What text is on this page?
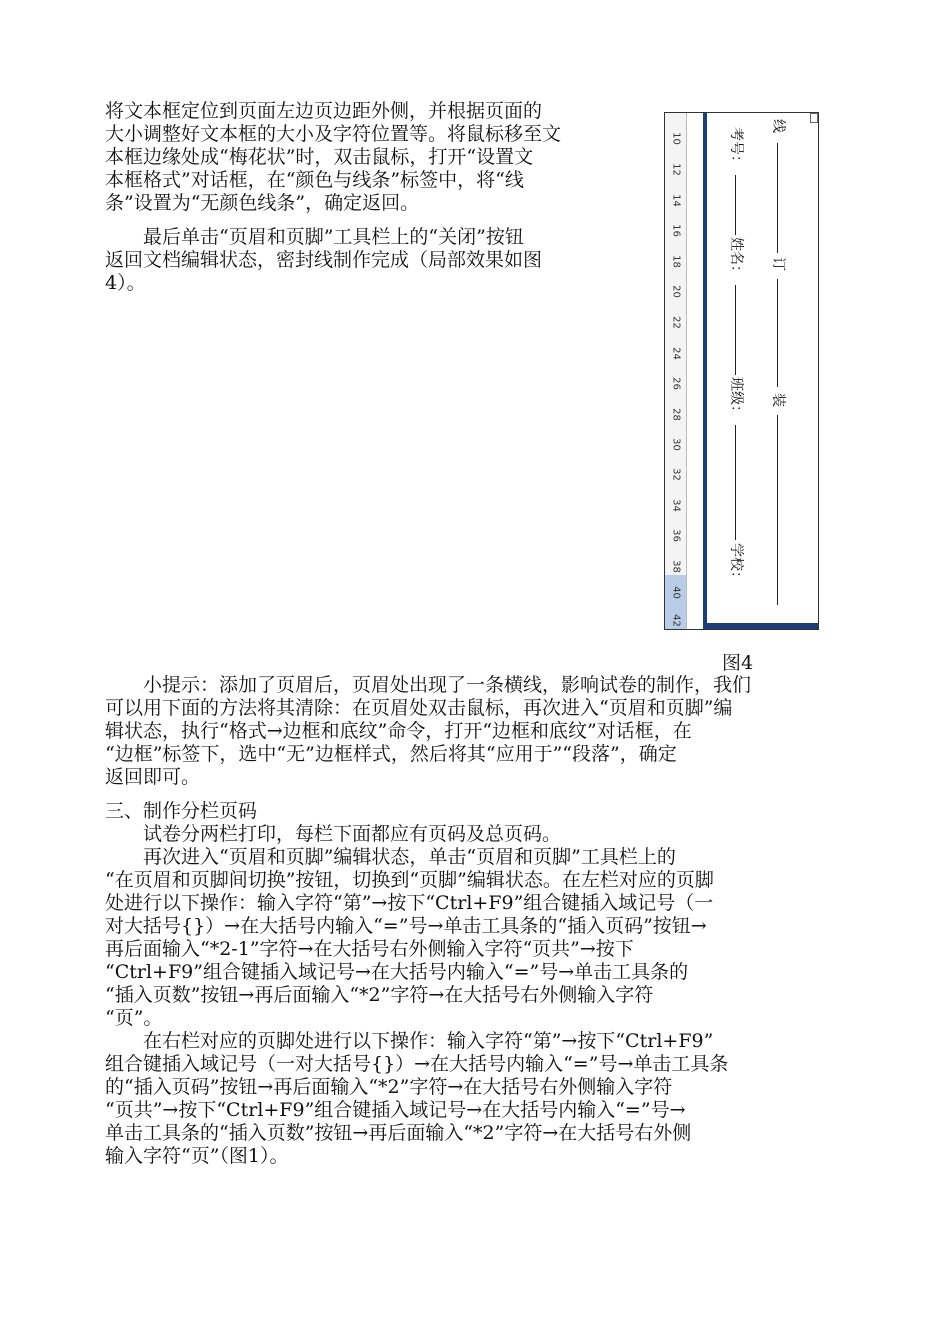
将文本框定位到页面左边页边距外侧，并根据页面的
大小调整好文本框的大小及字符位置等。将鼠标移至文
本框边缘处成“梅花状”时，双击鼠标，打开“设置文
本框格式”对话框，在“颜色与线条”标签中，将“线
条”设置为“无颜色线条”，确定返回。
最后单击“页眉和页脚”工具栏上的“关闭”按钮
返回文档编辑状态，密封线制作完成（局部效果如图
4）。
10
12
14
16
18
20
22
24
26
28
30
32
34
36
38
40
42
考号：
姓名：
班级：
学校：
线
订
装
图4
小提示：添加了页眉后，页眉处出现了一条横线，影响试卷的制作，我们
可以用下面的方法将其清除：在页眉处双击鼠标，再次进入“页眉和页脚”编
辑状态，执行“格式→边框和底纹”命令，打开“边框和底纹”对话框，在
“边框”标签下，选中“无”边框样式，然后将其“应用于”“段落”，确定
返回即可。
三、制作分栏页码
试卷分两栏打印，每栏下面都应有页码及总页码。
再次进入“页眉和页脚”编辑状态，单击“页眉和页脚”工具栏上的
“在页眉和页脚间切换”按钮，切换到“页脚”编辑状态。在左栏对应的页脚
处进行以下操作：输入字符“第”→按下“Ctrl+F9”组合键插入域记号（一
对大括号{}）→在大括号内输入“=”号→单击工具条的“插入页码”按钮→
再后面输入“*2-1”字符→在大括号右外侧输入字符“页共”→按下
“Ctrl+F9”组合键插入域记号→在大括号内输入“=”号→单击工具条的
“插入页数”按钮→再后面输入“*2”字符→在大括号右外侧输入字符
“页”。
在右栏对应的页脚处进行以下操作：输入字符“第”→按下“Ctrl+F9”
组合键插入域记号（一对大括号{}）→在大括号内输入“=”号→单击工具条
的“插入页码”按钮→再后面输入“*2”字符→在大括号右外侧输入字符
“页共”→按下“Ctrl+F9”组合键插入域记号→在大括号内输入“=”号→
单击工具条的“插入页数”按钮→再后面输入“*2”字符→在大括号右外侧
输入字符“页”（图1）。
